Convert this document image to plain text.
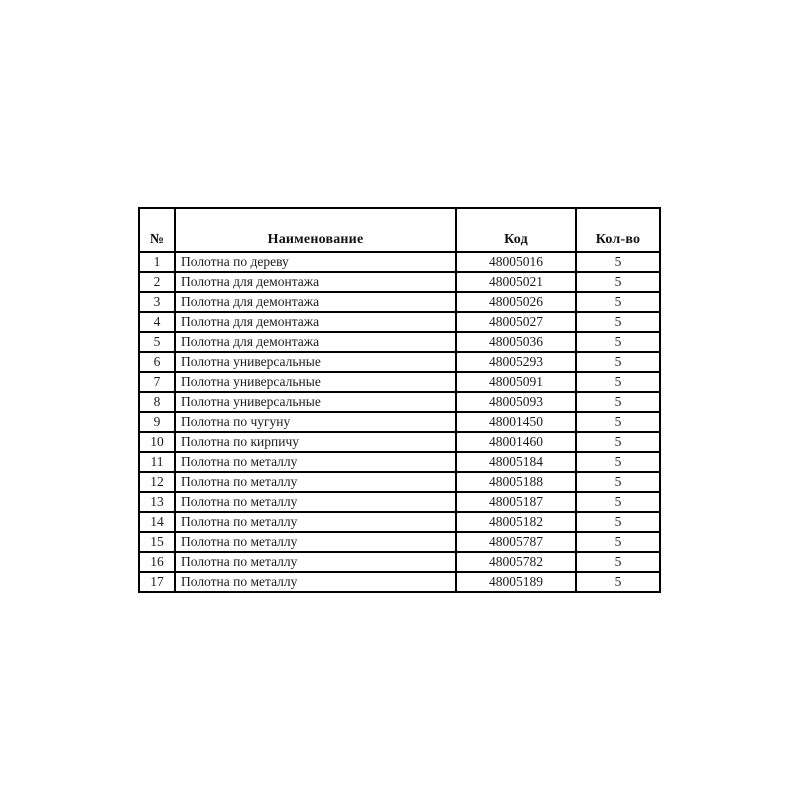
№	Наименование	Код	Кол-во
1	Полотна по дереву	48005016	5
2	Полотна для демонтажа	48005021	5
3	Полотна для демонтажа	48005026	5
4	Полотна для демонтажа	48005027	5
5	Полотна для демонтажа	48005036	5
6	Полотна универсальные	48005293	5
7	Полотна универсальные	48005091	5
8	Полотна универсальные	48005093	5
9	Полотна по чугуну	48001450	5
10	Полотна по кирпичу	48001460	5
11	Полотна по металлу	48005184	5
12	Полотна по металлу	48005188	5
13	Полотна по металлу	48005187	5
14	Полотна по металлу	48005182	5
15	Полотна по металлу	48005787	5
16	Полотна по металлу	48005782	5
17	Полотна по металлу	48005189	5
